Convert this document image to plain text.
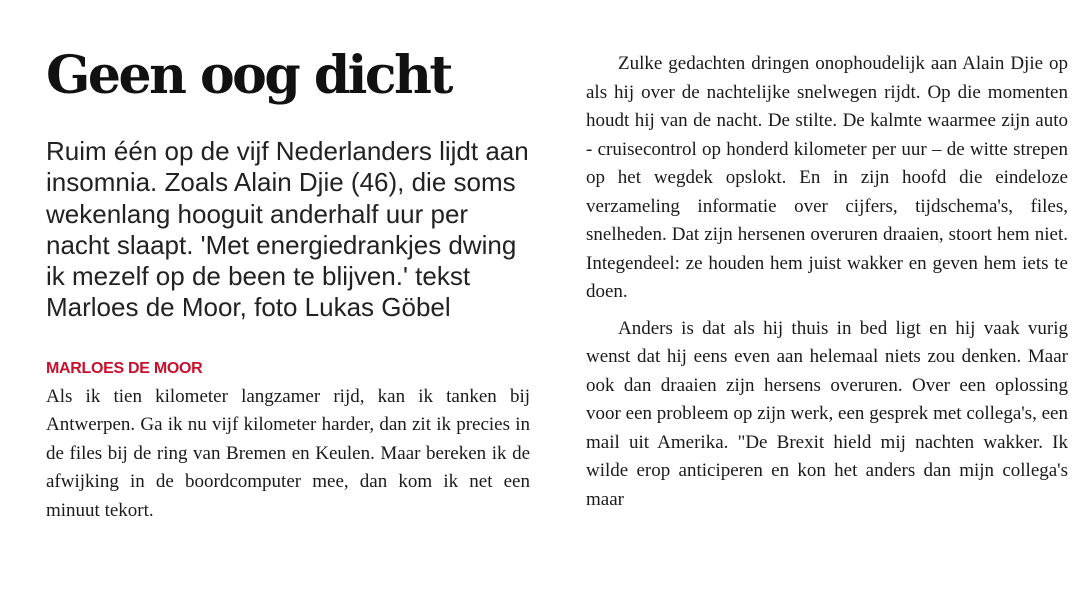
Geen oog dicht

Ruim één op de vijf Nederlanders lijdt aan insomnia. Zoals Alain Djie (46), die soms wekenlang hooguit anderhalf uur per nacht slaapt. 'Met energiedrankjes dwing ik mezelf op de been te blijven.' tekst Marloes de Moor, foto Lukas Göbel

MARLOES DE MOOR

Als ik tien kilometer langzamer rijd, kan ik tanken bij Antwerpen. Ga ik nu vijf kilometer harder, dan zit ik precies in de files bij de ring van Bremen en Keulen. Maar bereken ik de afwijking in de boordcomputer mee, dan kom ik net een minuut tekort.

Zulke gedachten dringen onophoudelijk aan Alain Djie op als hij over de nachtelijke snelwegen rijdt. Op die momenten houdt hij van de nacht. De stilte. De kalmte waarmee zijn auto - cruisecontrol op honderd kilometer per uur – de witte strepen op het wegdek opslokt. En in zijn hoofd die eindeloze verzameling informatie over cijfers, tijdschema's, files, snelheden. Dat zijn hersenen overuren draaien, stoort hem niet. Integendeel: ze houden hem juist wakker en geven hem iets te doen.

Anders is dat als hij thuis in bed ligt en hij vaak vurig wenst dat hij eens even aan helemaal niets zou denken. Maar ook dan draaien zijn hersens overuren. Over een oplossing voor een probleem op zijn werk, een gesprek met collega's, een mail uit Amerika. "De Brexit hield mij nachten wakker. Ik wilde erop anticiperen en kon het anders dan mijn collega's maar
